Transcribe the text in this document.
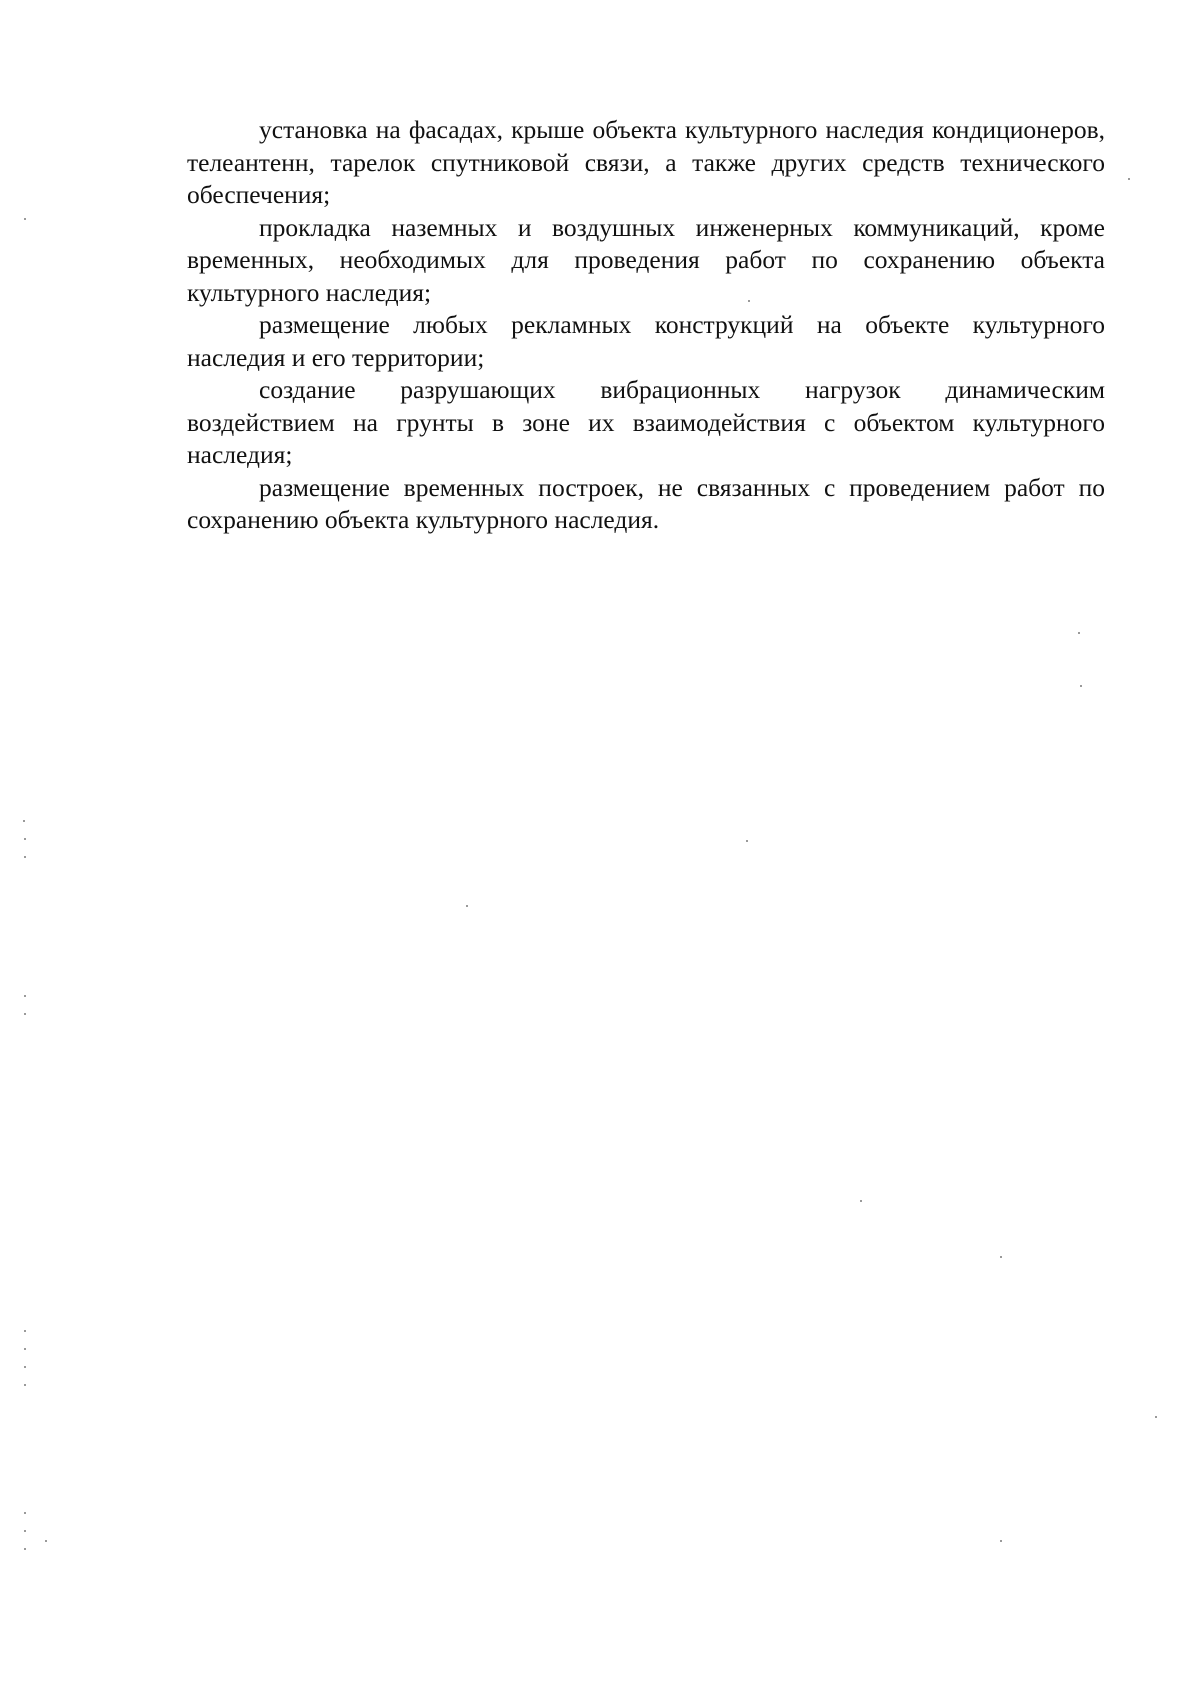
установка на фасадах, крыше объекта культурного наследия кондиционеров, телеантенн, тарелок спутниковой связи, а также других средств технического обеспечения;

прокладка наземных и воздушных инженерных коммуникаций, кроме временных, необходимых для проведения работ по сохранению объекта культурного наследия;

размещение любых рекламных конструкций на объекте культурного наследия и его территории;

создание разрушающих вибрационных нагрузок динамическим воздействием на грунты в зоне их взаимодействия с объектом культурного наследия;

размещение временных построек, не связанных с проведением работ по сохранению объекта культурного наследия.
